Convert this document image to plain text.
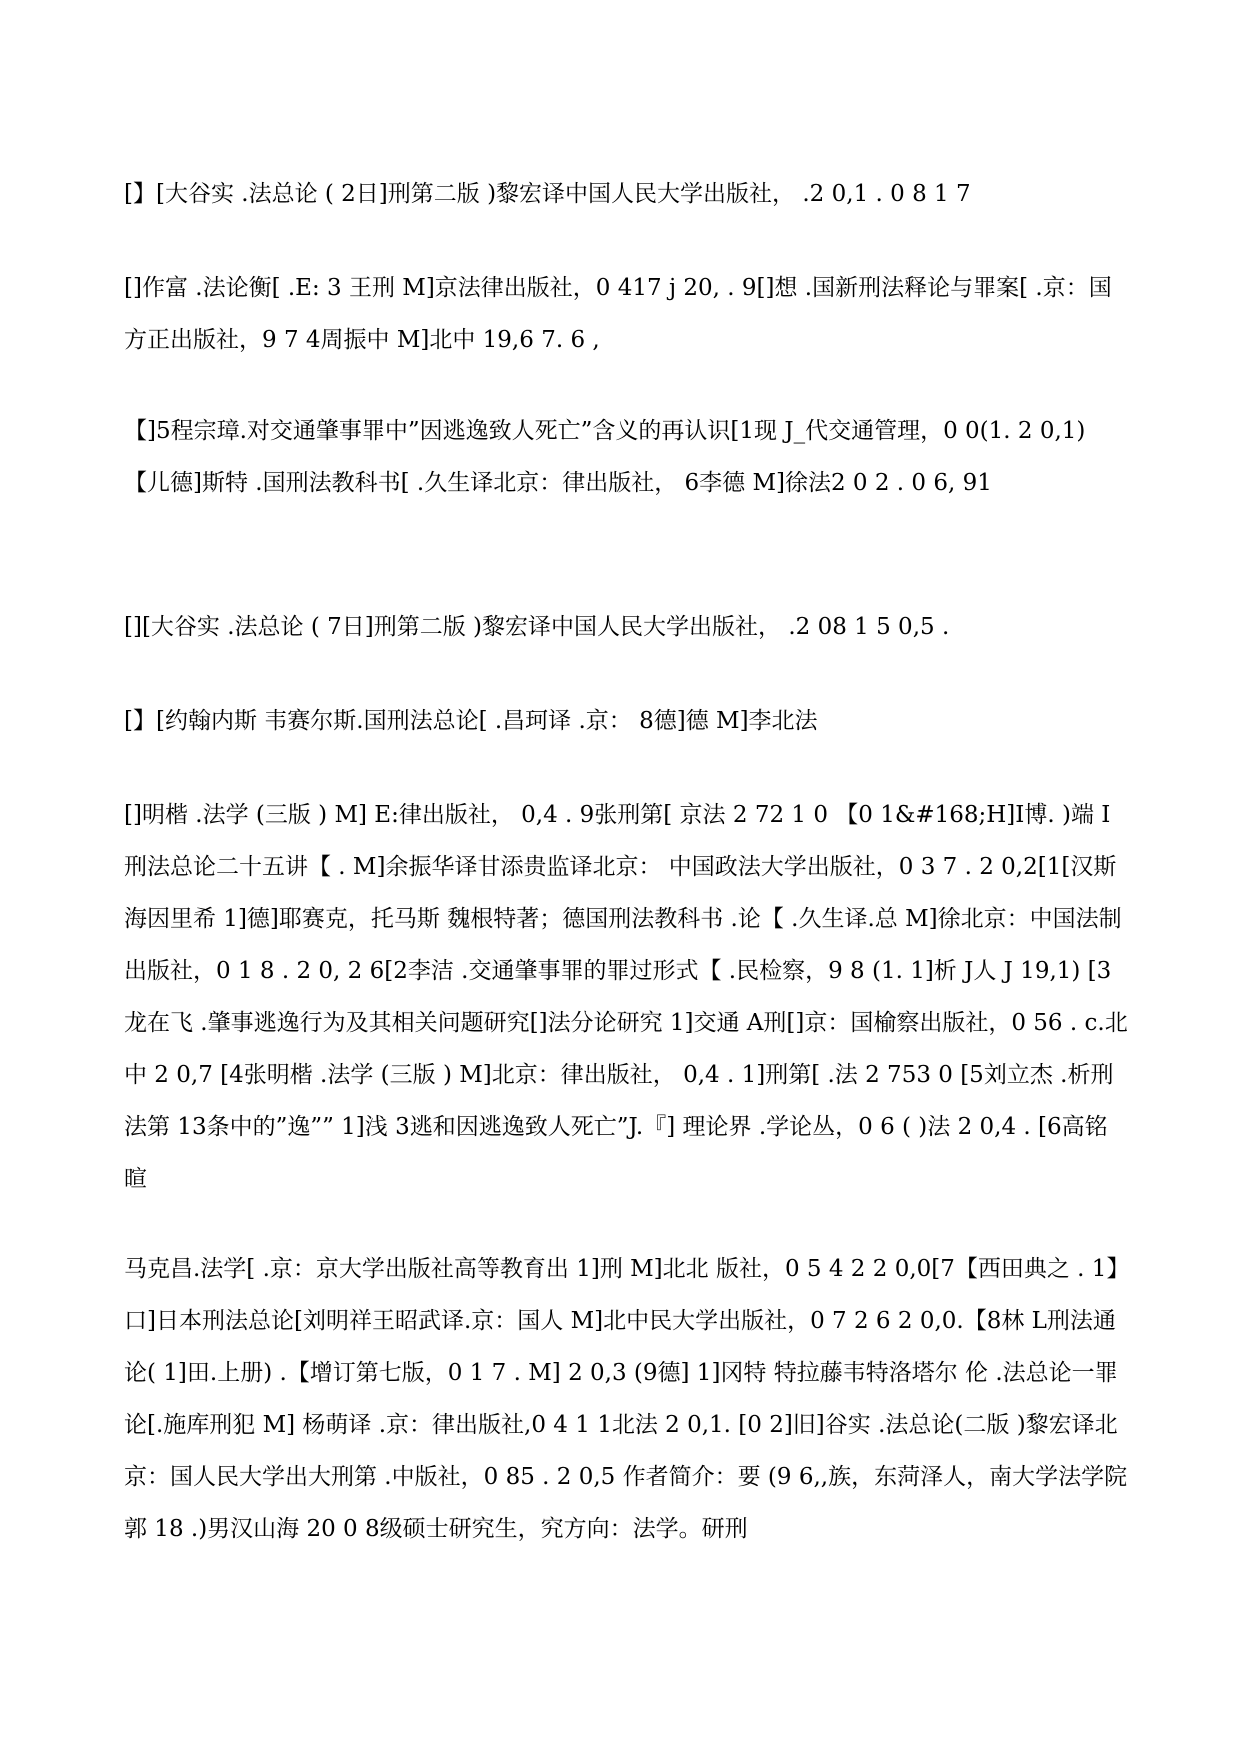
[】[大谷实 .法总论 ( 2日]刑第二版 )黎宏译中国人民大学出版社， .2 0,1 . 0 8 1 7

[]作富 .法论衡[ .E: 3 王刑 M]京法律出版社，0 417 j 20, . 9[]想 .国新刑法释论与罪案[ .京：国方正出版社，9 7 4周振中 M]北中 19,6 7. 6 ,

【]5程宗璋.对交通肇事罪中”因逃逸致人死亡”含义的再认识[1现 J_代交通管理，0 0(1. 2 0,1) 【儿德]斯特 .国刑法教科书[ .久生译北京：律出版社， 6李德 M]徐法2 0 2 . 0 6, 91

[][大谷实 .法总论 ( 7日]刑第二版 )黎宏译中国人民大学出版社， .2 08 1 5 0,5 .

[】[约翰内斯 韦赛尔斯.国刑法总论[ .昌珂译 .京： 8德]德 M]李北法

[]明楷 .法学 (三版 ) M] E:律出版社， 0,4 . 9张刑第[ 京法 2 72 1 0 【0 1&#168;H]I博. )端 I刑法总论二十五讲【 . M]余振华译甘添贵监译北京： 中国政法大学出版社，0 3 7 . 2 0,2[1[汉斯 海因里希 1]德]耶赛克，托马斯 魏根特著；德国刑法教科书 .论【 .久生译.总 M]徐北京：中国法制出版社，0 1 8 . 2 0, 2 6[2李洁 .交通肇事罪的罪过形式【 .民检察，9 8 (1. 1]析 J人 J 19,1) [3龙在飞 .肇事逃逸行为及其相关问题研究[]法分论研究 1]交通 A刑[]京：国榆察出版社，0 56 . c.北中 2 0,7 [4张明楷 .法学 (三版 ) M]北京：律出版社， 0,4 . 1]刑第[ .法 2 753 0 [5刘立杰 .析刑法第 13条中的”逸”” 1]浅 3逃和因逃逸致人死亡”J.『] 理论界 .学论丛，0 6 ( )法 2 0,4 . [6高铭暄

马克昌.法学[ .京：京大学出版社高等教育出 1]刑 M]北北 版社，0 5 4 2 2 0,0[7【西田典之 . 1】口]日本刑法总论[刘明祥王昭武译.京：国人 M]北中民大学出版社，0 7 2 6 2 0,0.【8林 L刑法通论( 1]田.上册) .【增订第七版，0 1 7 . M] 2 0,3 (9德] 1]冈特 特拉藤韦特洛塔尔 伦 .法总论一罪论[.施库刑犯 M] 杨萌译 .京：律出版社,0 4 1 1北法 2 0,1. [0 2]旧]谷实 .法总论(二版 )黎宏译北京：国人民大学出大刑第 .中版社，0 85 . 2 0,5 作者简介：要 (9 6,,族，东菏泽人，南大学法学院郭 18 .)男汉山海 20 0 8级硕士研究生，究方向：法学。研刑
